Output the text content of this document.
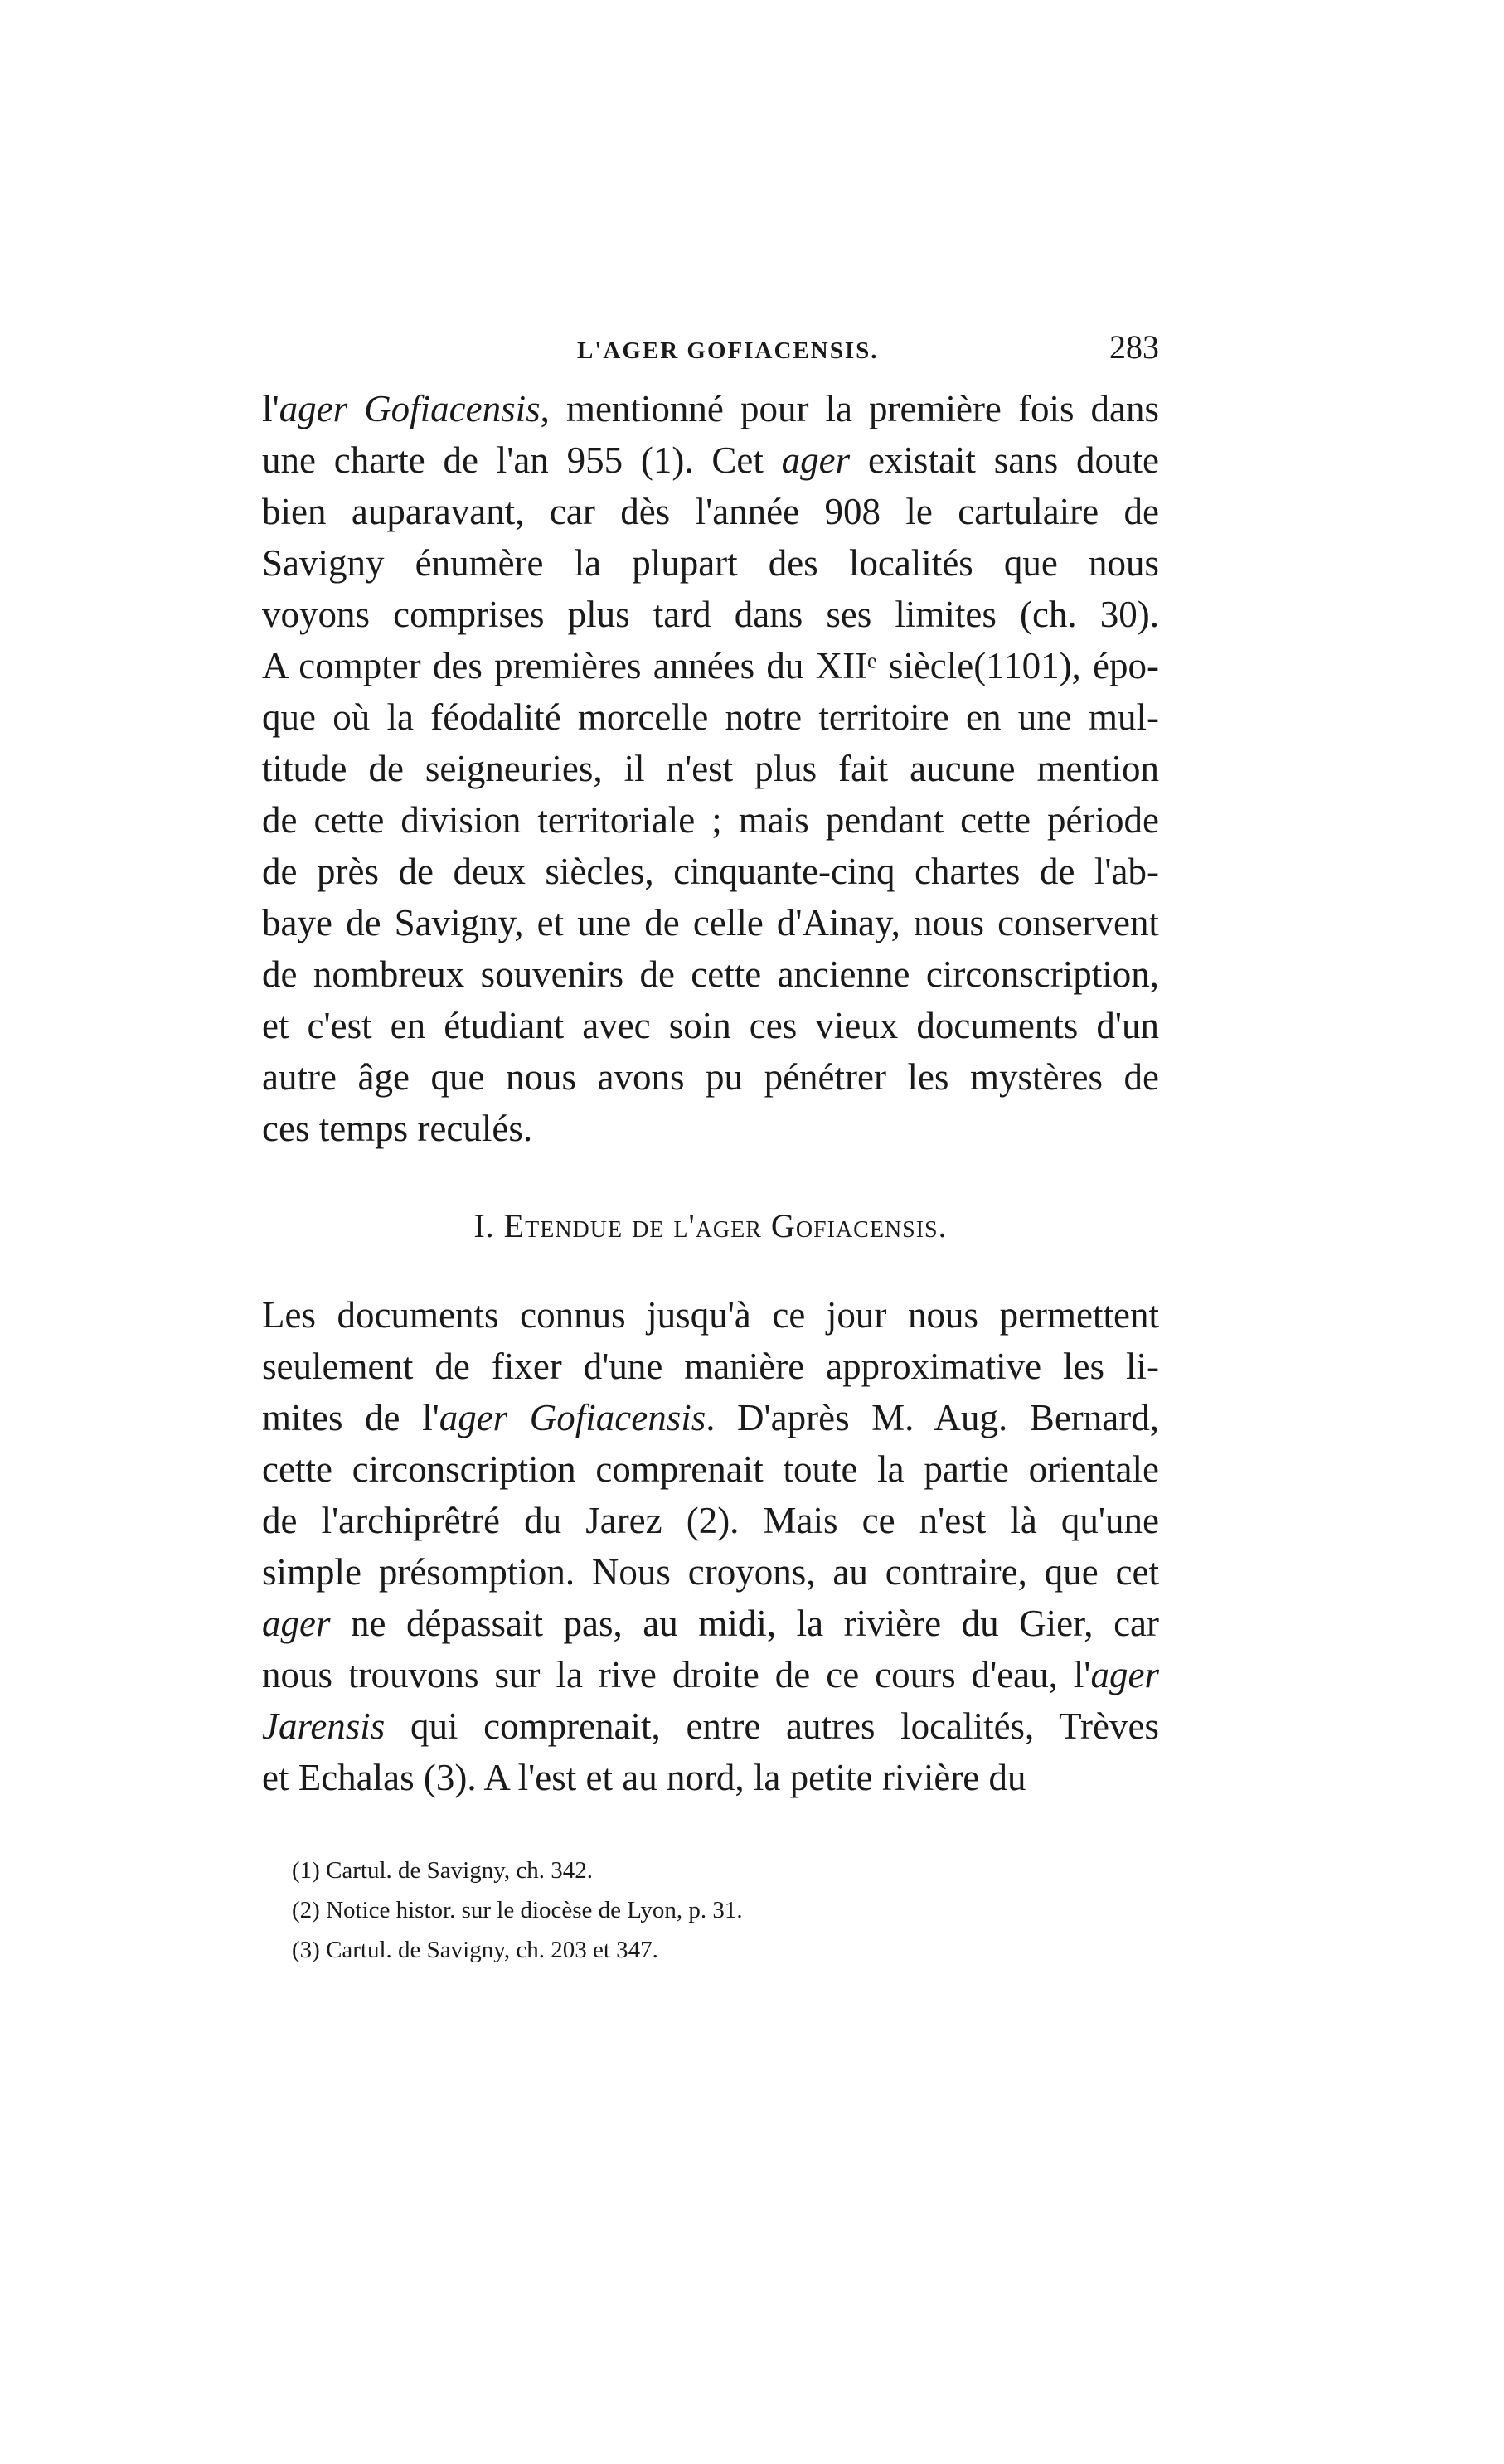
L'AGER GOFIACENSIS.	283
l'ager Gofiacensis, mentionné pour la première fois dans
une charte de l'an 955 (1). Cet ager existait sans doute
bien auparavant, car dès l'année 908 le cartulaire de
Savigny énumère la plupart des localités que nous
voyons comprises plus tard dans ses limites (ch. 30).
A compter des premières années du XIIᵉ siècle(1101), épo-
que où la féodalité morcelle notre territoire en une mul-
titude de seigneuries, il n'est plus fait aucune mention
de cette division territoriale ; mais pendant cette période
de près de deux siècles, cinquante-cinq chartes de l'ab-
baye de Savigny, et une de celle d'Ainay, nous conservent
de nombreux souvenirs de cette ancienne circonscription,
et c'est en étudiant avec soin ces vieux documents d'un
autre âge que nous avons pu pénétrer les mystères de
ces temps reculés.
I. Etendue de l'ager Gofiacensis.
Les documents connus jusqu'à ce jour nous permettent
seulement de fixer d'une manière approximative les li-
mites de l'ager Gofiacensis. D'après M. Aug. Bernard,
cette circonscription comprenait toute la partie orientale
de l'archiprêtré du Jarez (2). Mais ce n'est là qu'une
simple présomption. Nous croyons, au contraire, que cet
ager ne dépassait pas, au midi, la rivière du Gier, car
nous trouvons sur la rive droite de ce cours d'eau, l'ager
Jarensis qui comprenait, entre autres localités, Trèves
et Echalas (3). A l'est et au nord, la petite rivière du
(1) Cartul. de Savigny, ch. 342.
(2) Notice histor. sur le diocèse de Lyon, p. 31.
(3) Cartul. de Savigny, ch. 203 et 347.
